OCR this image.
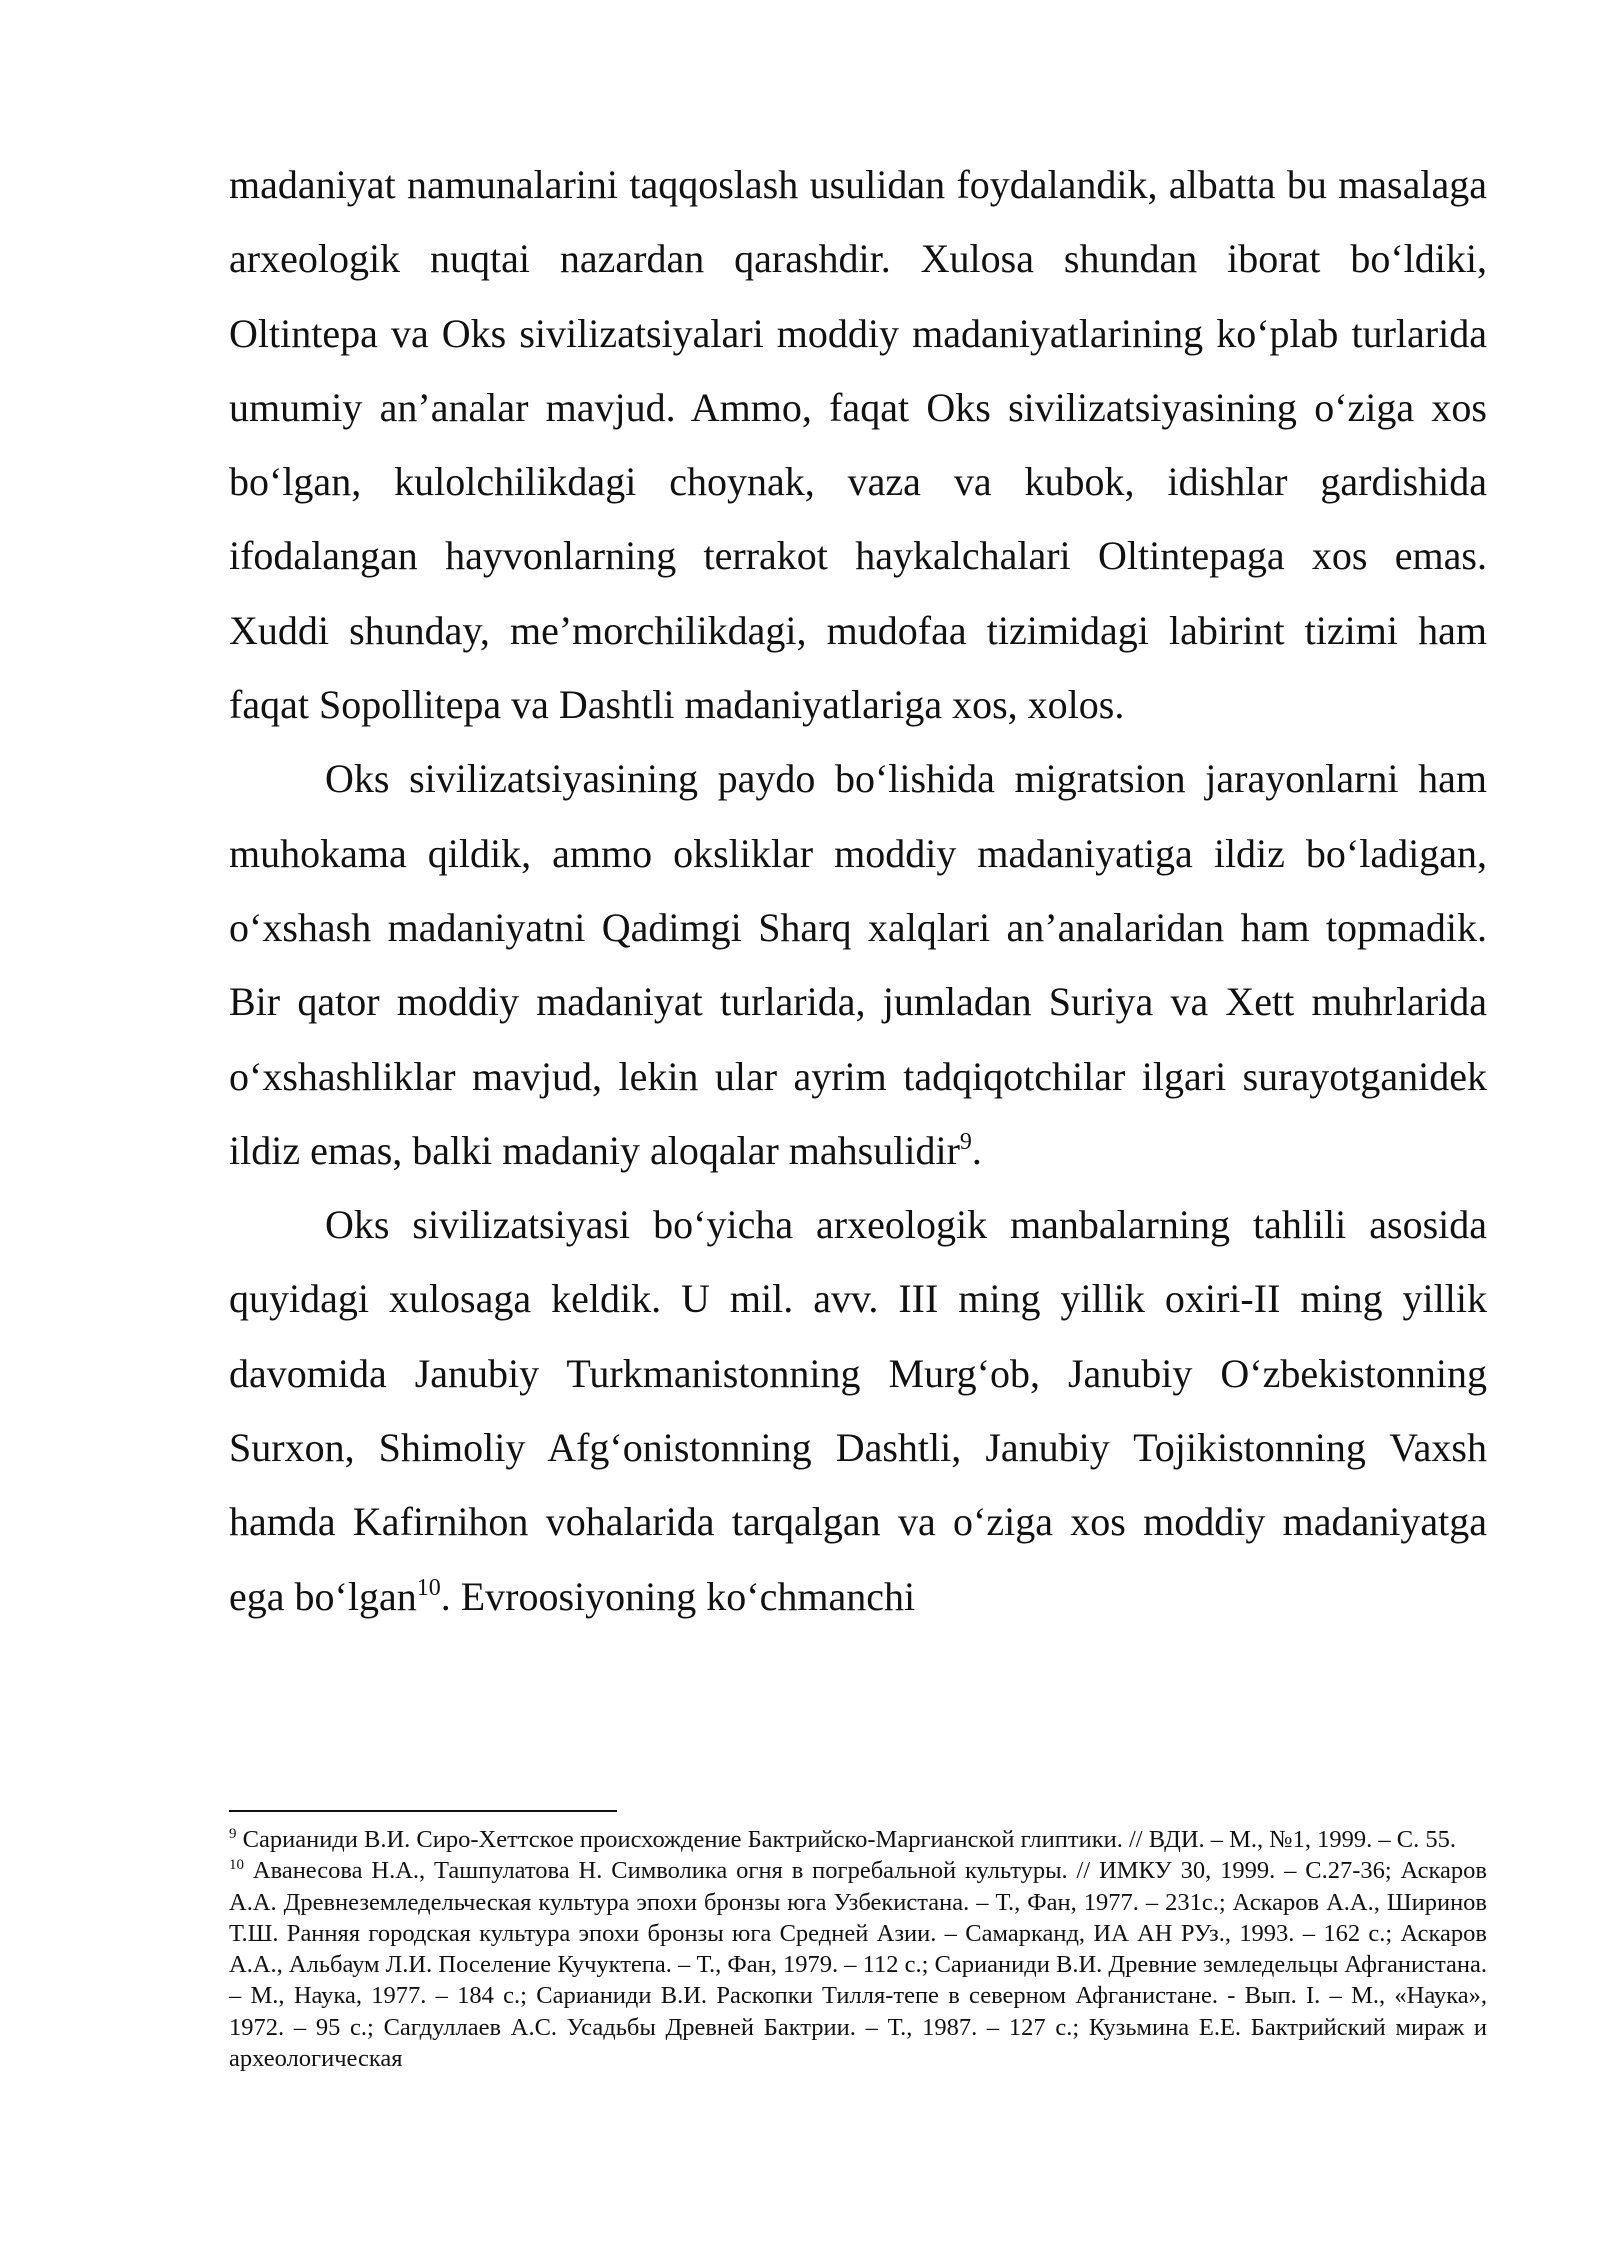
madaniyat namunalarini taqqoslash usulidan foydalandik, albatta bu masalaga arxeologik nuqtai nazardan qarashdir. Xulosa shundan iborat bo‘ldiki, Oltintepa va Oks sivilizatsiyalari moddiy madaniyatlarining ko‘plab turlarida umumiy an’analar mavjud. Ammo, faqat Oks sivilizatsiyasining o‘ziga xos bo‘lgan, kulolchilikdagi choynak, vaza va kubok, idishlar gardishida ifodalangan hayvonlarning terrakot haykalchalari Oltintepaga xos emas. Xuddi shunday, me’morchilikdagi, mudofaa tizimidagi labirint tizimi ham faqat Sopollitepa va Dashtli madaniyatlariga xos, xolos.

Oks sivilizatsiyasining paydo bo‘lishida migratsion jarayonlarni ham muhokama qildik, ammo oksliklar moddiy madaniyatiga ildiz bo‘ladigan, o‘xshash madaniyatni Qadimgi Sharq xalqlari an’analaridan ham topmadik. Bir qator moddiy madaniyat turlarida, jumladan Suriya va Xett muhrlarida o‘xshashliklar mavjud, lekin ular ayrim tadqiqotchilar ilgari surayotganidek ildiz emas, balki madaniy aloqalar mahsulidir$^9$.

Oks sivilizatsiyasi bo‘yicha arxeologik manbalarning tahlili asosida quyidagi xulosaga keldik. U mil. avv. III ming yillik oxiri-II ming yillik davomida Janubiy Turkmanistonning Murg‘ob, Janubiy O‘zbekistonning Surxon, Shimoliy Afg‘onistonning Dashtli, Janubiy Tojikistonning Vaxsh hamda Kafirnihon vohalarida tarqalgan va o‘ziga xos moddiy madaniyatga ega bo‘lgan$^{10}$. Evroosiyoning ko‘chmanchi

$^9$ Сарианиди В.И. Сиро-Хеттское происхождение Бактрийско-Маргианской глиптики. // ВДИ. – М., №1, 1999. – С. 55.

$^{10}$ Аванесова Н.А., Ташпулатова Н. Символика огня в погребальной культуры. // ИМКУ 30, 1999. – С.27-36; Аскаров А.А. Древнеземледельческая культура эпохи бронзы юга Узбекистана. – Т., Фан, 1977. – 231с.; Аскаров А.А., Ширинов Т.Ш. Ранняя городская культура эпохи бронзы юга Средней Азии. – Самарканд, ИА АН РУз., 1993. – 162 с.; Аскаров А.А., Альбаум Л.И. Поселение Кучуктепа. – Т., Фан, 1979. – 112 с.; Сарианиди В.И. Древние земледельцы Афганистана. – М., Наука, 1977. – 184 с.; Сарианиди В.И. Раскопки Тилля-тепе в северном Афганистане. - Вып. I. – М., «Наука», 1972. – 95 с.; Сагдуллаев А.С. Усадьбы Древней Бактрии. – Т., 1987. – 127 с.; Кузьмина Е.Е. Бактрийский мираж и археологическая
